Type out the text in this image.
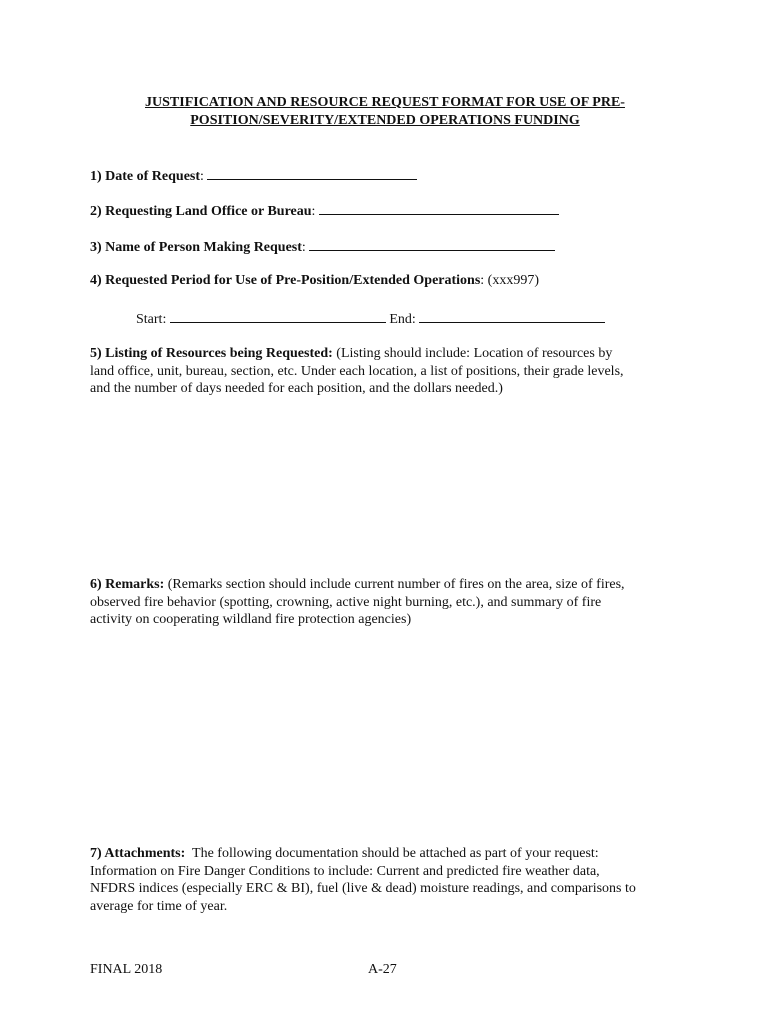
JUSTIFICATION AND RESOURCE REQUEST FORMAT FOR USE OF PRE-
POSITION/SEVERITY/EXTENDED OPERATIONS FUNDING
1) Date of Request:
2) Requesting Land Office or Bureau:
3) Name of Person Making Request:
4) Requested Period for Use of Pre-Position/Extended Operations: (xxx997)
Start:	End:
5) Listing of Resources being Requested: (Listing should include: Location of resources by
land office, unit, bureau, section, etc. Under each location, a list of positions, their grade levels,
and the number of days needed for each position, and the dollars needed.)
6) Remarks: (Remarks section should include current number of fires on the area, size of fires,
observed fire behavior (spotting, crowning, active night burning, etc.), and summary of fire
activity on cooperating wildland fire protection agencies)
7) Attachments: The following documentation should be attached as part of your request:
Information on Fire Danger Conditions to include: Current and predicted fire weather data,
NFDRS indices (especially ERC & BI), fuel (live & dead) moisture readings, and comparisons to
average for time of year.
FINAL 2018	A-27
